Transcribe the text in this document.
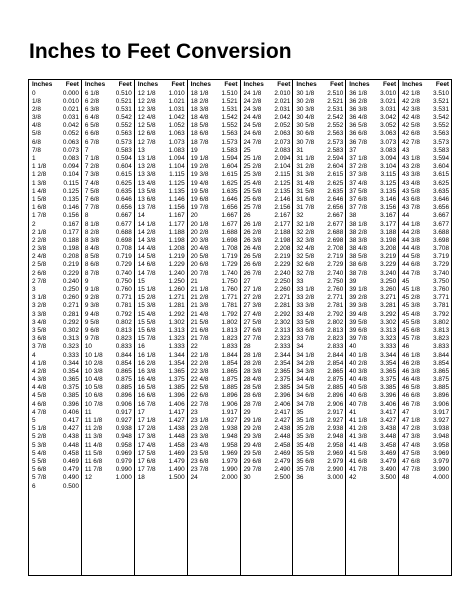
Inches to Feet Conversion
Inches Feet
0	0.000
1/8	0.010
2/8	0.021
3/8	0.031
4/8	0.042
5/8	0.052
6/8	0.063
7/8	0.073
1	0.083
1 1/8	0.094
1 2/8	0.104
1 3/8	0.115
1 4/8	0.125
1 5/8	0.135
1 6/8	0.146
1 7/8	0.156
2	0.167
2 1/8	0.177
2 2/8	0.188
2 3/8	0.198
2 4/8	0.208
2 5/8	0.219
2 6/8	0.229
2 7/8	0.240
3	0.250
3 1/8	0.260
3 2/8	0.271
3 3/8	0.281
3 4/8	0.292
3 5/8	0.302
3 6/8	0.313
3 7/8	0.323
4	0.333
4 1/8	0.344
4 2/8	0.354
4 3/8	0.365
4 4/8	0.375
4 5/8	0.385
4 6/8	0.396
4 7/8	0.406
5	0.417
5 1/8	0.427
5 2/8	0.438
5 3/8	0.448
5 4/8	0.458
5 5/8	0.469
5 6/8	0.479
5 7/8	0.490
6	0.500

Inches Feet
6 1/8	0.510
6 2/8	0.521
6 3/8	0.531
6 4/8	0.542
6 5/8	0.552
6 6/8	0.563
6 7/8	0.573
7	0.583
7 1/8	0.594
7 2/8	0.604
7 3/8	0.615
7 4/8	0.625
7 5/8	0.635
7 6/8	0.646
7 7/8	0.656
8	0.667
8 1/8	0.677
8 2/8	0.688
8 3/8	0.698
8 4/8	0.708
8 5/8	0.719
8 6/8	0.729
8 7/8	0.740
9	0.750
9 1/8	0.760
9 2/8	0.771
9 3/8	0.781
9 4/8	0.792
9 5/8	0.802
9 6/8	0.813
9 7/8	0.823
10	0.833
10 1/8 0.844
10 2/8 0.854
10 3/8 0.865
10 4/8 0.875
10 5/8 0.885
10 6/8 0.896
10 7/8 0.906
11	0.917
11 1/8 0.927
11 2/8 0.938
11 3/8 0.948
11 4/8 0.958
11 5/8 0.969
11 6/8 0.979
11 7/8 0.990
12	1.000

Inches Feet
12 1/8 1.010
12 2/8 1.021
12 3/8 1.031
12 4/8 1.042
12 5/8 1.052
12 6/8 1.063
12 7/8 1.073
13	1.083
13 1/8 1.094
13 2/8 1.104
13 3/8 1.115
13 4/8 1.125
13 5/8 1.135
13 6/8 1.146
13 7/8 1.156
14	1.167
14 1/8 1.177
14 2/8 1.188
14 3/8 1.198
14 4/8 1.208
14 5/8 1.219
14 6/8 1.229
14 7/8 1.240
15	1.250
15 1/8 1.260
15 2/8 1.271
15 3/8 1.281
15 4/8 1.292
15 5/8 1.302
15 6/8 1.313
15 7/8 1.323
16	1.333
16 1/8 1.344
16 2/8 1.354
16 3/8 1.365
16 4/8 1.375
16 5/8 1.385
16 6/8 1.396
16 7/8 1.406
17	1.417
17 1/8 1.427
17 2/8 1.438
17 3/8 1.448
17 4/8 1.458
17 5/8 1.469
17 6/8 1.479
17 7/8 1.490
18	1.500

Inches Feet
18 1/8 1.510
18 2/8 1.521
18 3/8 1.531
18 4/8 1.542
18 5/8 1.552
18 6/8 1.563
18 7/8 1.573
19	1.583
19 1/8 1.594
19 2/8 1.604
19 3/8 1.615
19 4/8 1.625
19 5/8 1.635
19 6/8 1.646
19 7/8 1.656
20	1.667
20 1/8 1.677
20 2/8 1.688
20 3/8 1.698
20 4/8 1.708
20 5/8 1.719
20 6/8 1.729
20 7/8 1.740
21	1.750
21 1/8 1.760
21 2/8 1.771
21 3/8 1.781
21 4/8 1.792
21 5/8 1.802
21 6/8 1.813
21 7/8 1.823
22	1.833
22 1/8 1.844
22 2/8 1.854
22 3/8 1.865
22 4/8 1.875
22 5/8 1.885
22 6/8 1.896
22 7/8 1.906
23	1.917
23 1/8 1.927
23 2/8 1.938
23 3/8 1.948
23 4/8 1.958
23 5/8 1.969
23 6/8 1.979
23 7/8 1.990
24	2.000

Inches Feet
24 1/8 2.010
24 2/8 2.021
24 3/8 2.031
24 4/8 2.042
24 5/8 2.052
24 6/8 2.063
24 7/8 2.073
25	2.083
25 1/8 2.094
25 2/8 2.104
25 3/8 2.115
25 4/8 2.125
25 5/8 2.135
25 6/8 2.146
25 7/8 2.156
26	2.167
26 1/8 2.177
26 2/8 2.188
26 3/8 2.198
26 4/8 2.208
26 5/8 2.219
26 6/8 2.229
26 7/8 2.240
27	2.250
27 1/8 2.260
27 2/8 2.271
27 3/8 2.281
27 4/8 2.292
27 5/8 2.302
27 6/8 2.313
27 7/8 2.323
28	2.333
28 1/8 2.344
28 2/8 2.354
28 3/8 2.365
28 4/8 2.375
28 5/8 2.385
28 6/8 2.396
28 7/8 2.406
29	2.417
29 1/8 2.427
29 2/8 2.438
29 3/8 2.448
29 4/8 2.458
29 5/8 2.469
29 6/8 2.479
29 7/8 2.490
30	2.500

Inches Feet
30 1/8 2.510
30 2/8 2.521
30 3/8 2.531
30 4/8 2.542
30 5/8 2.552
30 6/8 2.563
30 7/8 2.573
31	2.583
31 1/8 2.594
31 2/8 2.604
31 3/8 2.615
31 4/8 2.625
31 5/8 2.635
31 6/8 2.646
31 7/8 2.656
32	2.667
32 1/8 2.677
32 2/8 2.688
32 3/8 2.698
32 4/8 2.708
32 5/8 2.719
32 6/8 2.729
32 7/8 2.740
33	2.750
33 1/8 2.760
33 2/8 2.771
33 3/8 2.781
33 4/8 2.792
33 5/8 2.802
33 6/8 2.813
33 7/8 2.823
34	2.833
34 1/8 2.844
34 2/8 2.854
34 3/8 2.865
34 4/8 2.875
34 5/8 2.885
34 6/8 2.896
34 7/8 2.906
35	2.917
35 1/8 2.927
35 2/8 2.938
35 3/8 2.948
35 4/8 2.958
35 5/8 2.969
35 6/8 2.979
35 7/8 2.990
36	3.000

Inches Feet
36 1/8 3.010
36 2/8 3.021
36 3/8 3.031
36 4/8 3.042
36 5/8 3.052
36 6/8 3.063
36 7/8 3.073
37	3.083
37 1/8 3.094
37 2/8 3.104
37 3/8 3.115
37 4/8 3.125
37 5/8 3.135
37 6/8 3.146
37 7/8 3.156
38	3.167
38 1/8 3.177
38 2/8 3.188
38 3/8 3.198
38 4/8 3.208
38 5/8 3.219
38 6/8 3.229
38 7/8 3.240
39	3.250
39 1/8 3.260
39 2/8 3.271
39 3/8 3.281
39 4/8 3.292
39 5/8 3.302
39 6/8 3.313
39 7/8 3.323
40	3.333
40 1/8 3.344
40 2/8 3.354
40 3/8 3.365
40 4/8 3.375
40 5/8 3.385
40 6/8 3.396
40 7/8 3.406
41	3.417
41 1/8 3.427
41 2/8 3.438
41 3/8 3.448
41 4/8 3.458
41 5/8 3.469
41 6/8 3.479
41 7/8 3.490
42	3.500

Inches Feet
42 1/8 3.510
42 2/8 3.521
42 3/8 3.531
42 4/8 3.542
42 5/8 3.552
42 6/8 3.563
42 7/8 3.573
43	3.583
43 1/8 3.594
43 2/8 3.604
43 3/8 3.615
43 4/8 3.625
43 5/8 3.635
43 6/8 3.646
43 7/8 3.656
44	3.667
44 1/8 3.677
44 2/8 3.688
44 3/8 3.698
44 4/8 3.708
44 5/8 3.719
44 6/8 3.729
44 7/8 3.740
45	3.750
45 1/8 3.760
45 2/8 3.771
45 3/8 3.781
45 4/8 3.792
45 5/8 3.802
45 6/8 3.813
45 7/8 3.823
46	3.833
46 1/8 3.844
46 2/8 3.854
46 3/8 3.865
46 4/8 3.875
46 5/8 3.885
46 6/8 3.896
46 7/8 3.906
47	3.917
47 1/8 3.927
47 2/8 3.938
47 3/8 3.948
47 4/8 3.958
47 5/8 3.969
47 6/8 3.979
47 7/8 3.990
48	4.000
